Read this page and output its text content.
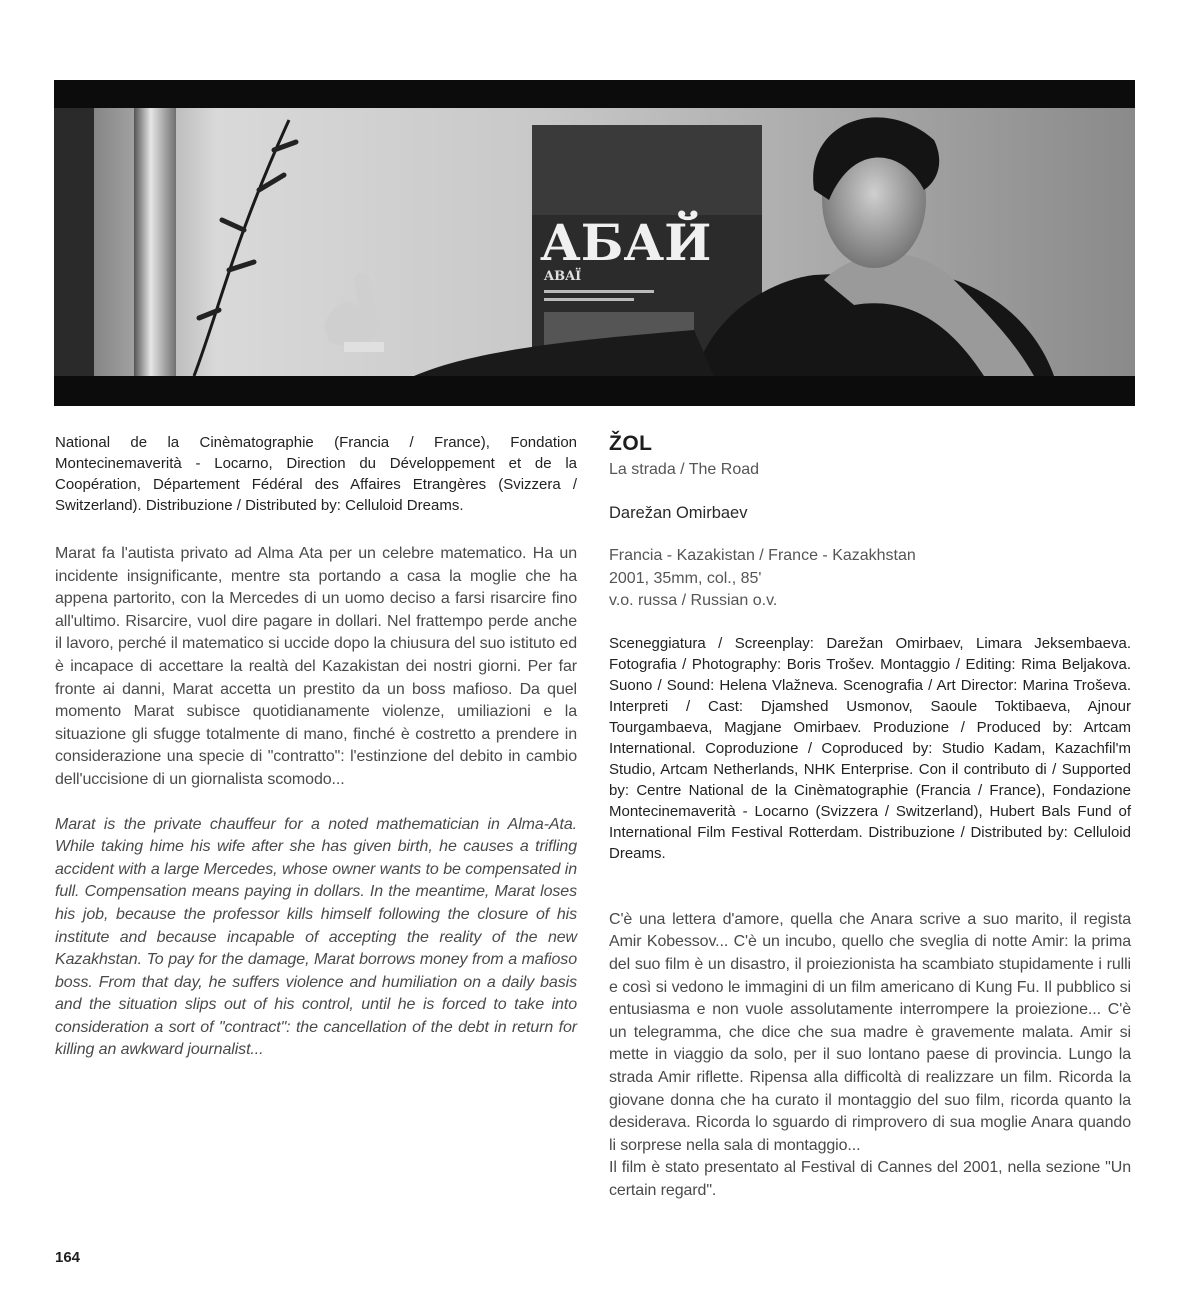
АБАЙ
ABAÏ

National de la Cinèmatographie (Francia / France), Fondation Montecinemaverità - Locarno, Direction du Développement et de la Coopération, Département Fédéral des Affaires Etrangères (Svizzera / Switzerland). Distribuzione / Distributed by: Celluloid Dreams.

Marat fa l'autista privato ad Alma Ata per un celebre matematico. Ha un incidente insignificante, mentre sta portando a casa la moglie che ha appena partorito, con la Mercedes di un uomo deciso a farsi risarcire fino all'ultimo. Risarcire, vuol dire pagare in dollari. Nel frattempo perde anche il lavoro, perché il matematico si uccide dopo la chiusura del suo istituto ed è incapace di accettare la realtà del Kazakistan dei nostri giorni. Per far fronte ai danni, Marat accetta un prestito da un boss mafioso. Da quel momento Marat subisce quotidianamente violenze, umiliazioni e la situazione gli sfugge totalmente di mano, finché è costretto a prendere in considerazione una specie di "contratto": l'estinzione del debito in cambio dell'uccisione di un giornalista scomodo...

Marat is the private chauffeur for a noted mathematician in Alma-Ata. While taking hime his wife after she has given birth, he causes a trifling accident with a large Mercedes, whose owner wants to be compensated in full. Compensation means paying in dollars. In the meantime, Marat loses his job, because the professor kills himself following the closure of his institute and because incapable of accepting the reality of the new Kazakhstan. To pay for the damage, Marat borrows money from a mafioso boss. From that day, he suffers violence and humiliation on a daily basis and the situation slips out of his control, until he is forced to take into consideration a sort of "contract": the cancellation of the debt in return for killing an awkward journalist...

ŽOL
La strada / The Road
Darežan Omirbaev
Francia - Kazakistan / France - Kazakhstan
2001, 35mm, col., 85'
v.o. russa / Russian o.v.

Sceneggiatura / Screenplay: Darežan Omirbaev, Limara Jeksembaeva. Fotografia / Photography: Boris Trošev. Montaggio / Editing: Rima Beljakova. Suono / Sound: Helena Vlažneva. Scenografia / Art Director: Marina Troševa. Interpreti / Cast: Djamshed Usmonov, Saoule Toktibaeva, Ajnour Tourgambaeva, Magjane Omirbaev. Produzione / Produced by: Artcam International. Coproduzione / Coproduced by: Studio Kadam, Kazachfil'm Studio, Artcam Netherlands, NHK Enterprise. Con il contributo di / Supported by: Centre National de la Cinèmatographie (Francia / France), Fondazione Montecinemaverità - Locarno (Svizzera / Switzerland), Hubert Bals Fund of International Film Festival Rotterdam. Distribuzione / Distributed by: Celluloid Dreams.

C'è una lettera d'amore, quella che Anara scrive a suo marito, il regista Amir Kobessov... C'è un incubo, quello che sveglia di notte Amir: la prima del suo film è un disastro, il proiezionista ha scambiato stupidamente i rulli e così si vedono le immagini di un film americano di Kung Fu. Il pubblico si entusiasma e non vuole assolutamente interrompere la proiezione... C'è un telegramma, che dice che sua madre è gravemente malata. Amir si mette in viaggio da solo, per il suo lontano paese di provincia. Lungo la strada Amir riflette. Ripensa alla difficoltà di realizzare un film. Ricorda la giovane donna che ha curato il montaggio del suo film, ricorda quanto la desiderava. Ricorda lo sguardo di rimprovero di sua moglie Anara quando li sorprese nella sala di montaggio...

Il film è stato presentato al Festival di Cannes del 2001, nella sezione "Un certain regard".

164
